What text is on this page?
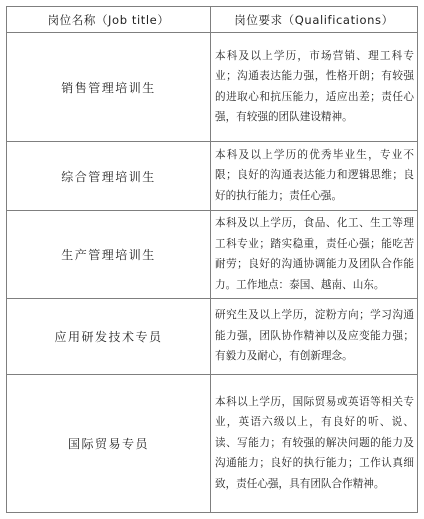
岗位名称（Job title）	岗位要求（Qualifications）
销售管理培训生	本科及以上学历，市场营销、理工科专业；沟通表达能力强，性格开朗；有较强的进取心和抗压能力，适应出差；责任心强，有较强的团队建设精神。
综合管理培训生	本科及以上学历的优秀毕业生，专业不限；良好的沟通表达能力和逻辑思维；良好的执行能力；责任心强。
生产管理培训生	本科及以上学历，食品、化工、生工等理工科专业；踏实稳重，责任心强；能吃苦耐劳；良好的沟通协调能力及团队合作能力。工作地点：泰国、越南、山东。
应用研发技术专员	研究生及以上学历，淀粉方向；学习沟通能力强，团队协作精神以及应变能力强；有毅力及耐心，有创新理念。
国际贸易专员	本科以上学历，国际贸易或英语等相关专业，英语六级以上，有良好的听、说、读、写能力；有较强的解决问题的能力及沟通能力；良好的执行能力；工作认真细致，责任心强，具有团队合作精神。
